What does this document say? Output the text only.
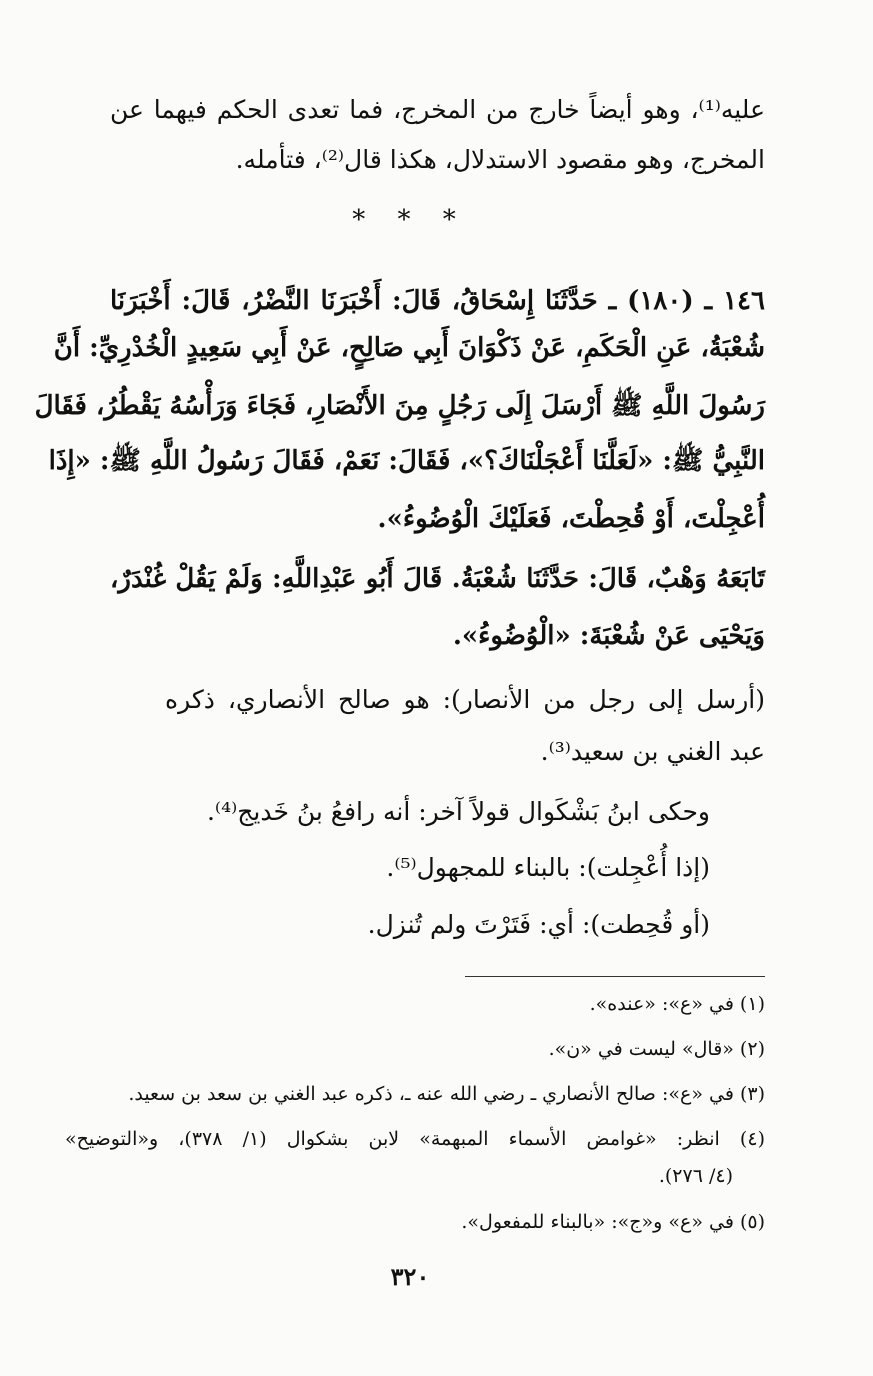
عليه⁽¹⁾، وهو أيضاً خارج من المخرج، فما تعدى الحكم فيهما عن
المخرج، وهو مقصود الاستدلال، هكذا قال⁽²⁾، فتأمله.
* * *
١٤٦ ـ (١٨٠) ـ حَدَّثَنَا إِسْحَاقُ، قَالَ: أَخْبَرَنَا النَّضْرُ، قَالَ: أَخْبَرَنَا
شُعْبَةُ، عَنِ الْحَكَمِ، عَنْ ذَكْوَانَ أَبِي صَالِحٍ، عَنْ أَبِي سَعِيدٍ الْخُدْرِيِّ: أَنَّ
رَسُولَ اللَّهِ ﷺ أَرْسَلَ إِلَى رَجُلٍ مِنَ الأَنْصَارِ، فَجَاءَ وَرَأْسُهُ يَقْطُرُ، فَقَالَ
النَّبِيُّ ﷺ: «لَعَلَّنَا أَعْجَلْنَاكَ؟»، فَقَالَ: نَعَمْ، فَقَالَ رَسُولُ اللَّهِ ﷺ: «إِذَا
أُعْجِلْتَ، أَوْ قُحِطْتَ، فَعَلَيْكَ الْوُضُوءُ».
تَابَعَهُ وَهْبٌ، قَالَ: حَدَّثَنَا شُعْبَةُ. قَالَ أَبُو عَبْدِاللَّهِ: وَلَمْ يَقُلْ غُنْدَرٌ،
وَيَحْيَى عَنْ شُعْبَةَ: «الْوُضُوءُ».
(أرسل إلى رجل من الأنصار): هو صالح الأنصاري، ذكره
عبد الغني بن سعيد⁽³⁾.
وحكى ابنُ بَشْكَوال قولاً آخر: أنه رافعُ بنُ خَديج⁽⁴⁾.
(إذا أُعْجِلت): بالبناء للمجهول⁽⁵⁾.
(أو قُحِطت): أي: فَتَرْتَ ولم تُنزل.
(١) في «ع»: «عنده».
(٢) «قال» ليست في «ن».
(٣) في «ع»: صالح الأنصاري ـ رضي الله عنه ـ، ذكره عبد الغني بن سعد بن سعيد.
(٤) انظر: «غوامض الأسماء المبهمة» لابن بشكوال (١/ ٣٧٨)، و«التوضيح»
(٤/ ٢٧٦).
(٥) في «ع» و«ج»: «بالبناء للمفعول».
٣٢٠
